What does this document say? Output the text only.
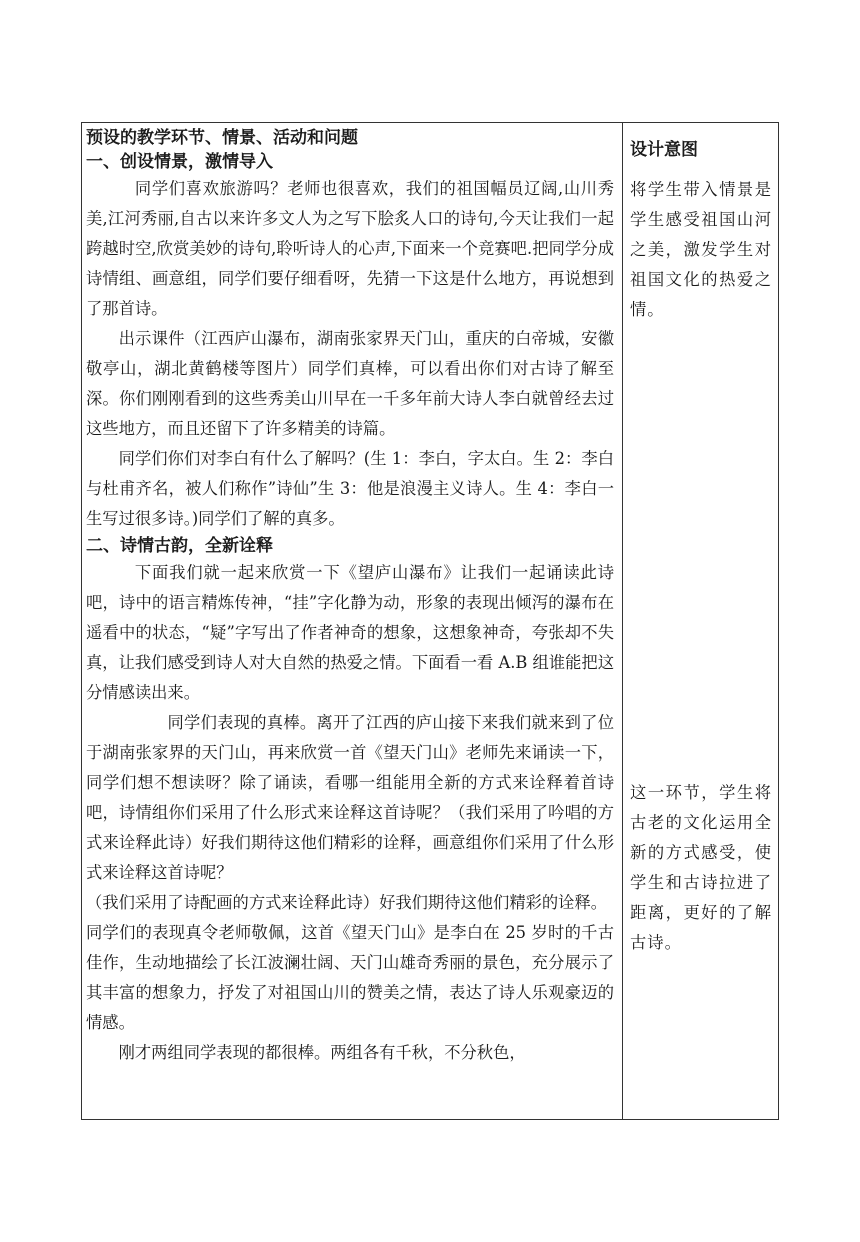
预设的教学环节、情景、活动和问题

一、创设情景，激情导入

同学们喜欢旅游吗？老师也很喜欢，我们的祖国幅员辽阔,山川秀美,江河秀丽,自古以来许多文人为之写下脍炙人口的诗句,今天让我们一起跨越时空,欣赏美妙的诗句,聆听诗人的心声,下面来一个竞赛吧.把同学分成诗情组、画意组，同学们要仔细看呀，先猜一下这是什么地方，再说想到了那首诗。

出示课件（江西庐山瀑布，湖南张家界天门山，重庆的白帝城，安徽敬亭山，湖北黄鹤楼等图片）同学们真棒，可以看出你们对古诗了解至深。你们刚刚看到的这些秀美山川早在一千多年前大诗人李白就曾经去过这些地方，而且还留下了许多精美的诗篇。

同学们你们对李白有什么了解吗？(生 1：李白，字太白。生 2：李白与杜甫齐名，被人们称作”诗仙”生 3：他是浪漫主义诗人。生 4：李白一生写过很多诗。)同学们了解的真多。

二、诗情古韵，全新诠释

下面我们就一起来欣赏一下《望庐山瀑布》让我们一起诵读此诗吧，诗中的语言精炼传神，“挂”字化静为动，形象的表现出倾泻的瀑布在遥看中的状态，“疑”字写出了作者神奇的想象，这想象神奇，夸张却不失真，让我们感受到诗人对大自然的热爱之情。下面看一看 A.B 组谁能把这分情感读出来。

同学们表现的真棒。离开了江西的庐山接下来我们就来到了位于湖南张家界的天门山，再来欣赏一首《望天门山》老师先来诵读一下，同学们想不想读呀？除了诵读，看哪一组能用全新的方式来诠释着首诗吧，诗情组你们采用了什么形式来诠释这首诗呢？（我们采用了吟唱的方式来诠释此诗）好我们期待这他们精彩的诠释，画意组你们采用了什么形式来诠释这首诗呢？

（我们采用了诗配画的方式来诠释此诗）好我们期待这他们精彩的诠释。

同学们的表现真令老师敬佩，这首《望天门山》是李白在 25 岁时的千古佳作，生动地描绘了长江波澜壮阔、天门山雄奇秀丽的景色，充分展示了其丰富的想象力，抒发了对祖国山川的赞美之情，表达了诗人乐观豪迈的情感。

刚才两组同学表现的都很棒。两组各有千秋，不分秋色，

设计意图

将学生带入情景是学生感受祖国山河之美，激发学生对祖国文化的热爱之情。

这一环节，学生将古老的文化运用全新的方式感受，使学生和古诗拉进了距离，更好的了解古诗。
